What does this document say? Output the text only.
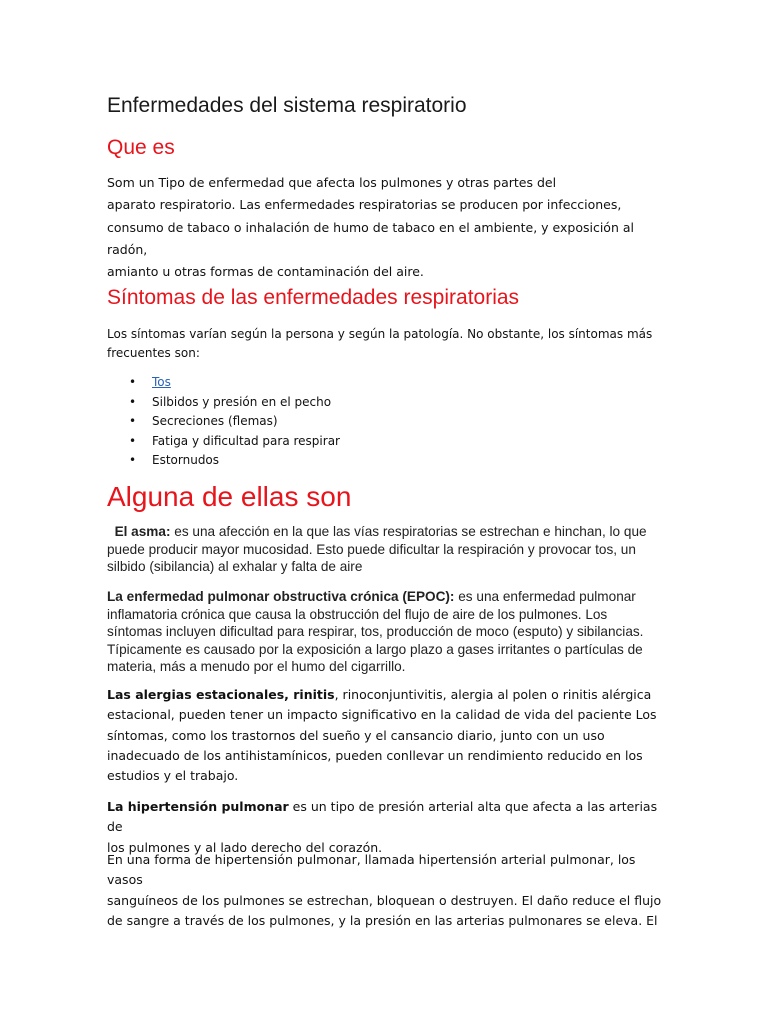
Enfermedades del sistema respiratorio
Que es

Som un Tipo de enfermedad que afecta los pulmones y otras partes del
aparato respiratorio. Las enfermedades respiratorias se producen por infecciones,
consumo de tabaco o inhalación de humo de tabaco en el ambiente, y exposición al radón,
amianto u otras formas de contaminación del aire.

Síntomas de las enfermedades respiratorias

Los síntomas varían según la persona y según la patología. No obstante, los síntomas más
frecuentes son:

• Tos
• Silbidos y presión en el pecho
• Secreciones (flemas)
• Fatiga y dificultad para respirar
• Estornudos
Alguna de ellas son

El asma: es una afección en la que las vías respiratorias se estrechan e hinchan, lo que
puede producir mayor mucosidad. Esto puede dificultar la respiración y provocar tos, un
silbido (sibilancia) al exhalar y falta de aire

La enfermedad pulmonar obstructiva crónica (EPOC): es una enfermedad pulmonar
inflamatoria crónica que causa la obstrucción del flujo de aire de los pulmones. Los
síntomas incluyen dificultad para respirar, tos, producción de moco (esputo) y sibilancias.
Típicamente es causado por la exposición a largo plazo a gases irritantes o partículas de
materia, más a menudo por el humo del cigarrillo.

Las alergias estacionales, rinitis, rinoconjuntivitis, alergia al polen o rinitis alérgica
estacional, pueden tener un impacto significativo en la calidad de vida del paciente Los
síntomas, como los trastornos del sueño y el cansancio diario, junto con un uso
inadecuado de los antihistamínicos, pueden conllevar un rendimiento reducido en los
estudios y el trabajo.

La hipertensión pulmonar es un tipo de presión arterial alta que afecta a las arterias de
los pulmones y al lado derecho del corazón.

En una forma de hipertensión pulmonar, llamada hipertensión arterial pulmonar, los vasos
sanguíneos de los pulmones se estrechan, bloquean o destruyen. El daño reduce el flujo
de sangre a través de los pulmones, y la presión en las arterias pulmonares se eleva. El
